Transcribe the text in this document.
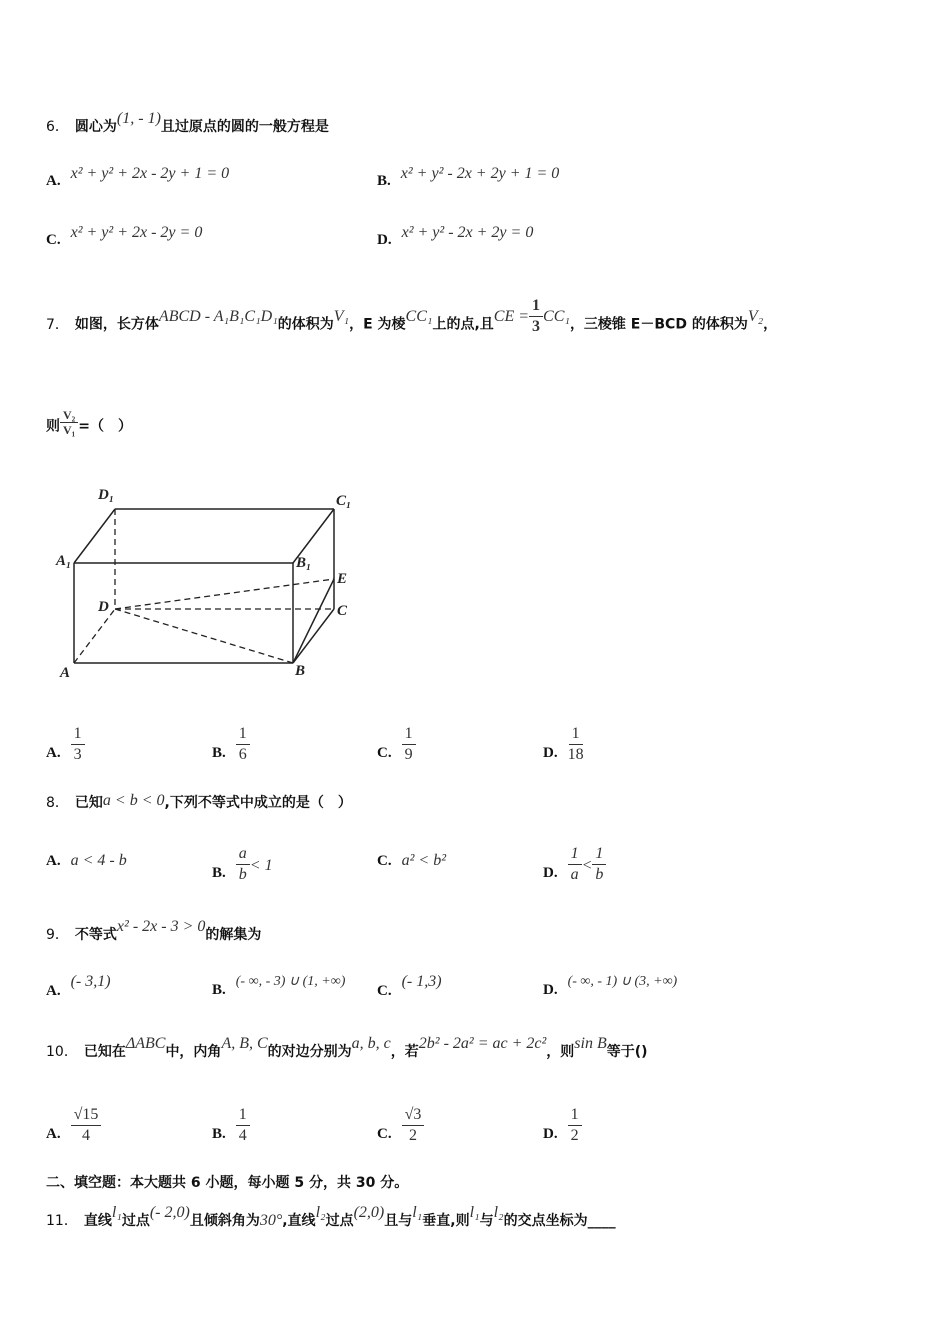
6． 圆心为(1, - 1)且过原点的圆的一般方程是
A. x² + y² + 2x - 2y + 1 = 0	B. x² + y² - 2x + 2y + 1 = 0
C. x² + y² + 2x - 2y = 0	D. x² + y² - 2x + 2y = 0
7． 如图，长方体ABCD - A₁B₁C₁D₁的体积为V₁，E 为棱CC₁上的点,且CE = $\frac{1}{3} CC_1$，三棱锥 E－BCD 的体积为V₂，
则 $\frac{\text{V₂}}{\text{V₁}}$ =（　）
D₁	C₁
A₁	B₁
E
D	C
A	B
A. $\frac{1}{3}$	B. $\frac{1}{6}$	C. $\frac{1}{9}$	D. $\frac{1}{18}$
8． 已知a < b < 0,下列不等式中成立的是（　）
A. a < 4 - b
B. $\frac{a}{b} < 1$	C. a² < b²
D. $\frac{1}{a} < \frac{1}{b}$
9． 不等式x² - 2x - 3 > 0的解集为
A.(- 3,1)	B.(- ∞, - 3) ∪ (1, +∞)
C.(- 1,3)	D.(- ∞, - 1) ∪ (3, +∞)
10． 已知在ΔABC中，内角A, B, C的对边分别为a, b, c，若2b² - 2a² = ac + 2c²，则sin B等于()
A. $\frac{√15}{4}$	B. $\frac{1}{4}$	C. $\frac{√3}{2}$	D. $\frac{1}{2}$
二、填空题：本大题共 6 小题，每小题 5 分，共 30 分。
11． 直线l₁过点(- 2,0)且倾斜角为30°,直线l₂过点(2,0)且与l₁垂直,则l₁与l₂的交点坐标为____
